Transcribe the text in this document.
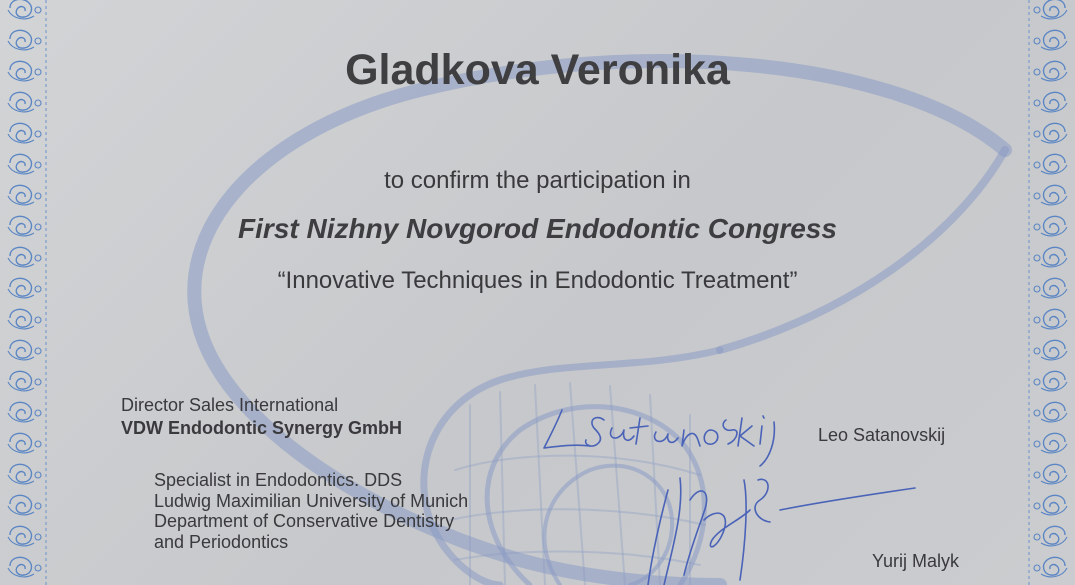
Gladkova Veronika
to confirm the participation in
First Nizhny Novgorod Endodontic Congress
“Innovative Techniques in Endodontic Treatment”
Director Sales International
VDW Endodontic Synergy GmbH	Leo Satanovskij
Specialist in Endodontics. DDS
Ludwig Maximilian University of Munich
Department of Conservative Dentistry
and Periodontics
Yurij Malyk
